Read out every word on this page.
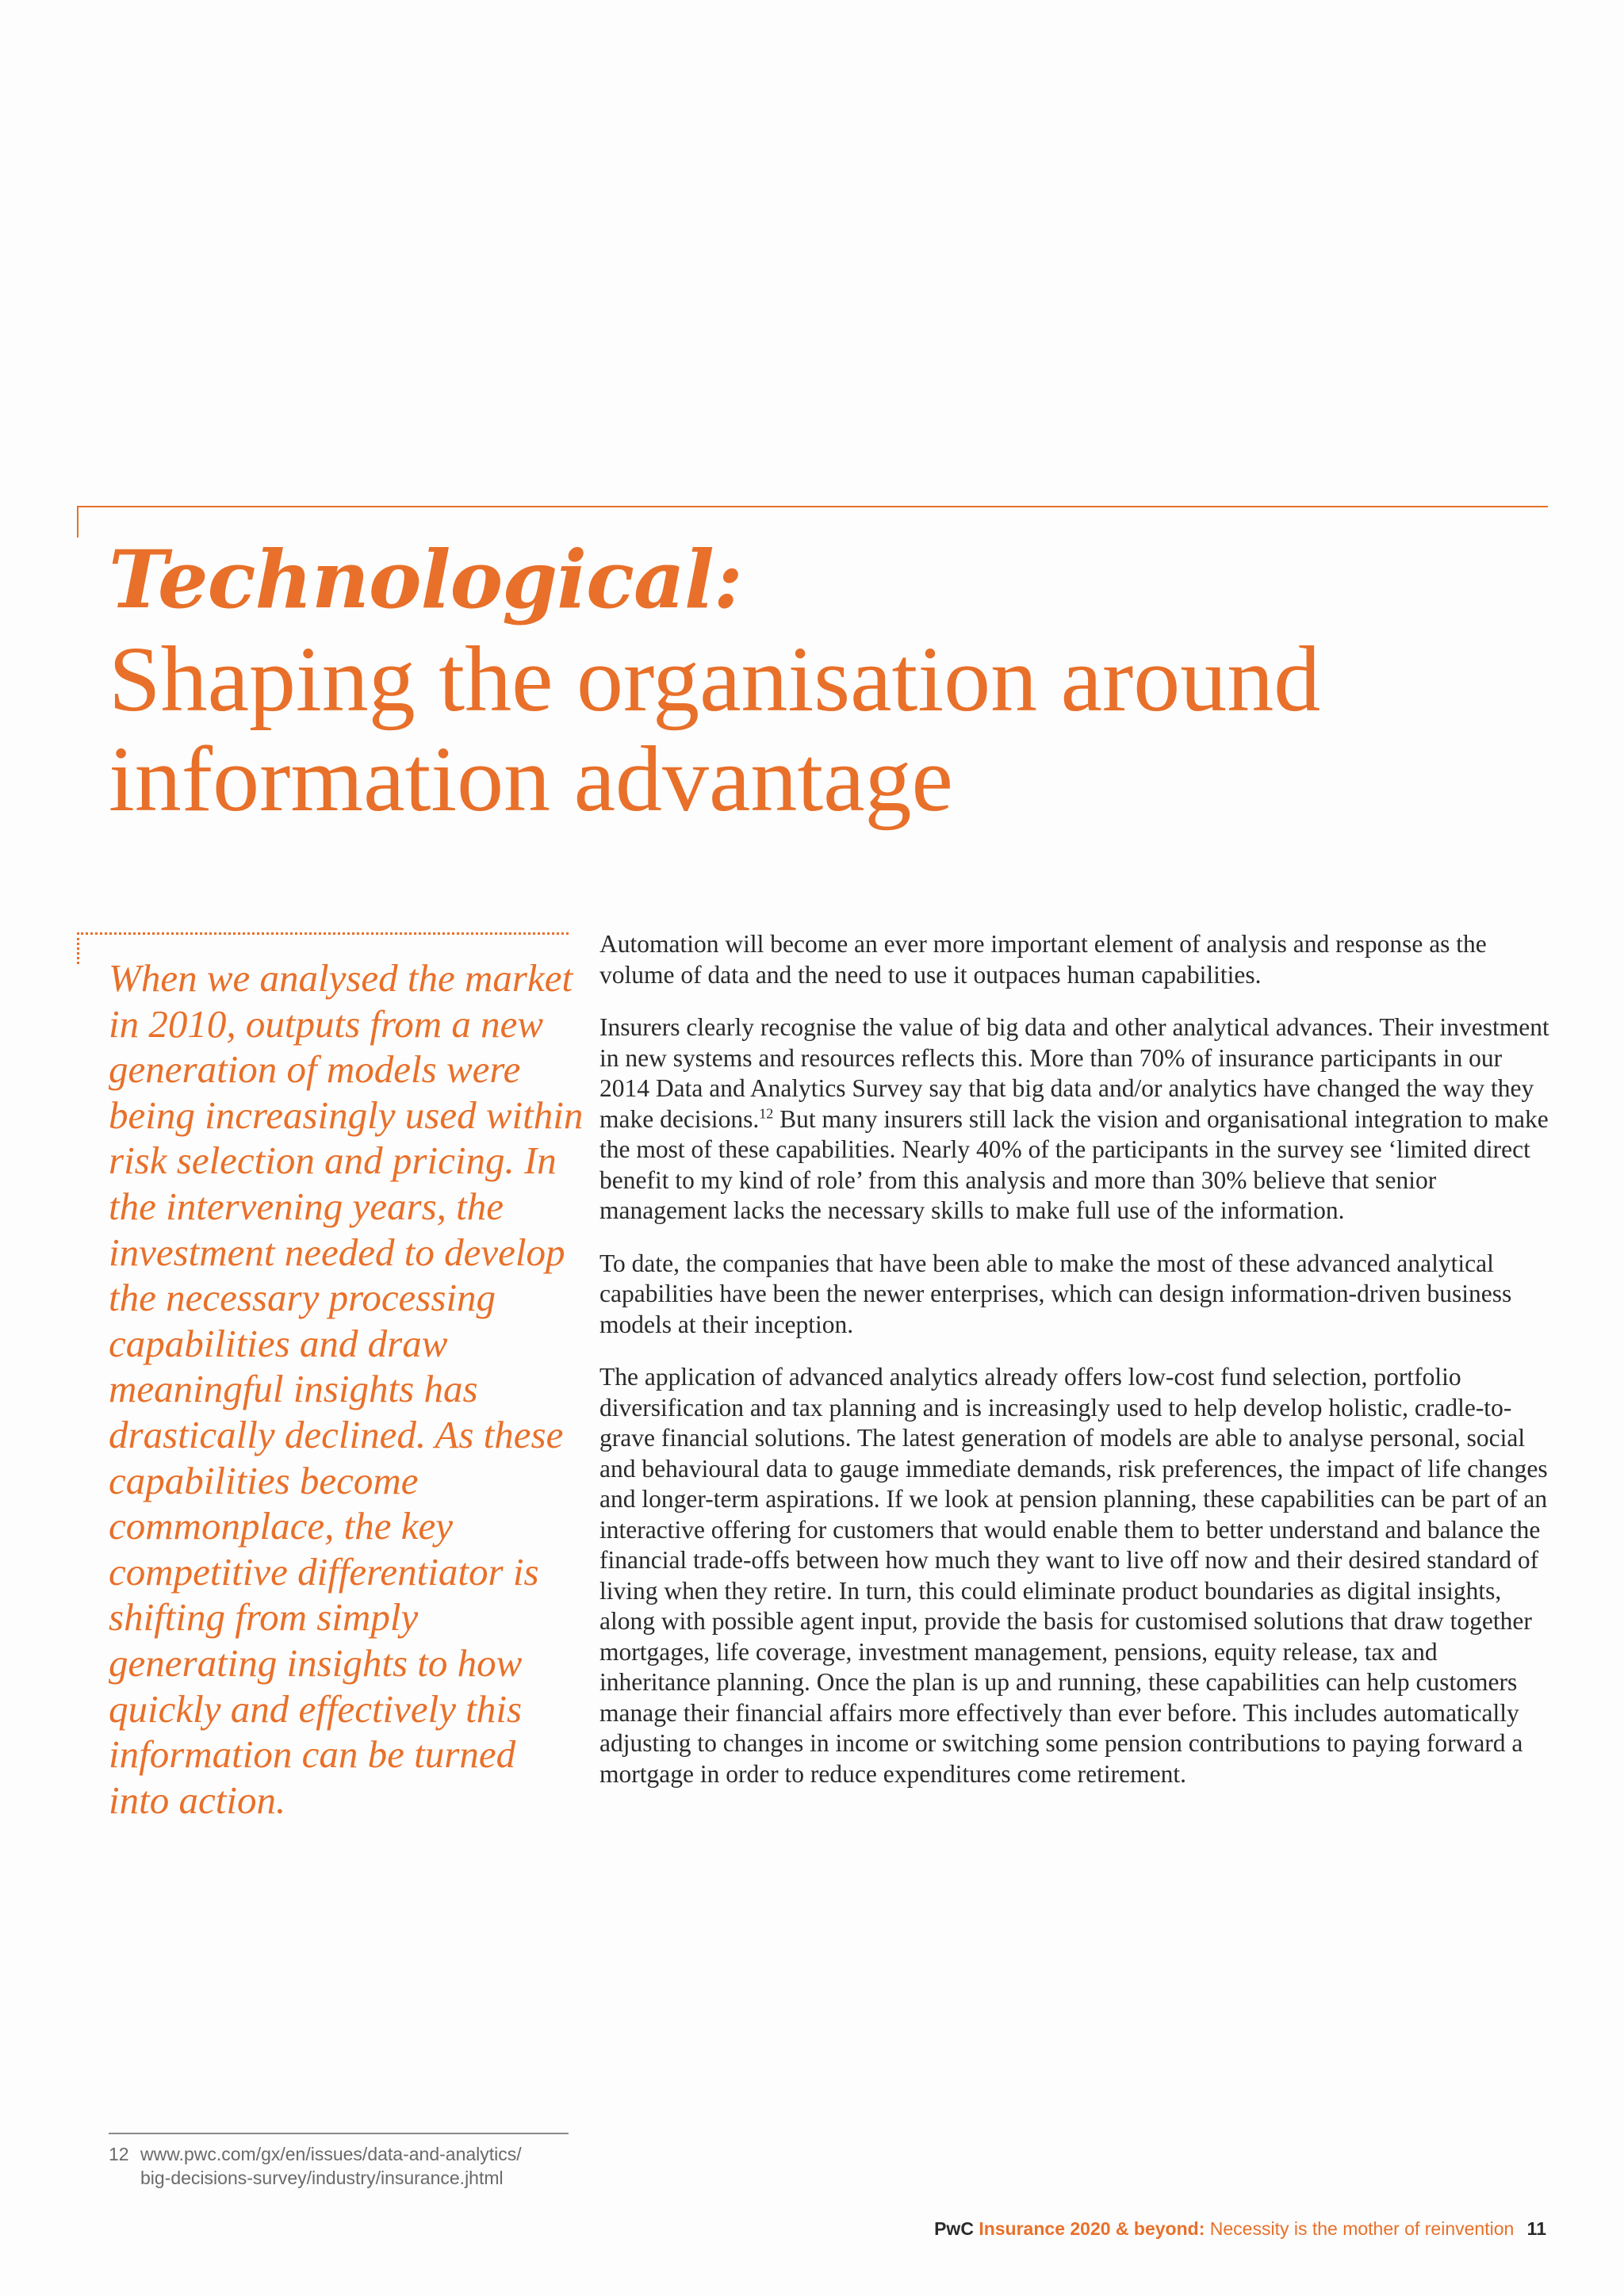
Technological:
Shaping the organisation around information advantage

When we analysed the market in 2010, outputs from a new generation of models were being increasingly used within risk selection and pricing. In the intervening years, the investment needed to develop the necessary processing capabilities and draw meaningful insights has drastically declined. As these capabilities become commonplace, the key competitive differentiator is shifting from simply generating insights to how quickly and effectively this information can be turned into action.

Automation will become an ever more important element of analysis and response as the volume of data and the need to use it outpaces human capabilities.

Insurers clearly recognise the value of big data and other analytical advances. Their investment in new systems and resources reflects this. More than 70% of insurance participants in our 2014 Data and Analytics Survey say that big data and/or analytics have changed the way they make decisions.$^{12}$ But many insurers still lack the vision and organisational integration to make the most of these capabilities. Nearly 40% of the participants in the survey see ‘limited direct benefit to my kind of role’ from this analysis and more than 30% believe that senior management lacks the necessary skills to make full use of the information.

To date, the companies that have been able to make the most of these advanced analytical capabilities have been the newer enterprises, which can design information-driven business models at their inception.

The application of advanced analytics already offers low-cost fund selection, portfolio diversification and tax planning and is increasingly used to help develop holistic, cradle-to-grave financial solutions. The latest generation of models are able to analyse personal, social and behavioural data to gauge immediate demands, risk preferences, the impact of life changes and longer-term aspirations. If we look at pension planning, these capabilities can be part of an interactive offering for customers that would enable them to better understand and balance the financial trade-offs between how much they want to live off now and their desired standard of living when they retire. In turn, this could eliminate product boundaries as digital insights, along with possible agent input, provide the basis for customised solutions that draw together mortgages, life coverage, investment management, pensions, equity release, tax and inheritance planning. Once the plan is up and running, these capabilities can help customers manage their financial affairs more effectively than ever before. This includes automatically adjusting to changes in income or switching some pension contributions to paying forward a mortgage in order to reduce expenditures come retirement.

12 www.pwc.com/gx/en/issues/data-and-analytics/
big-decisions-survey/industry/insurance.jhtml
PwC Insurance 2020 & beyond: Necessity is the mother of reinvention 11
